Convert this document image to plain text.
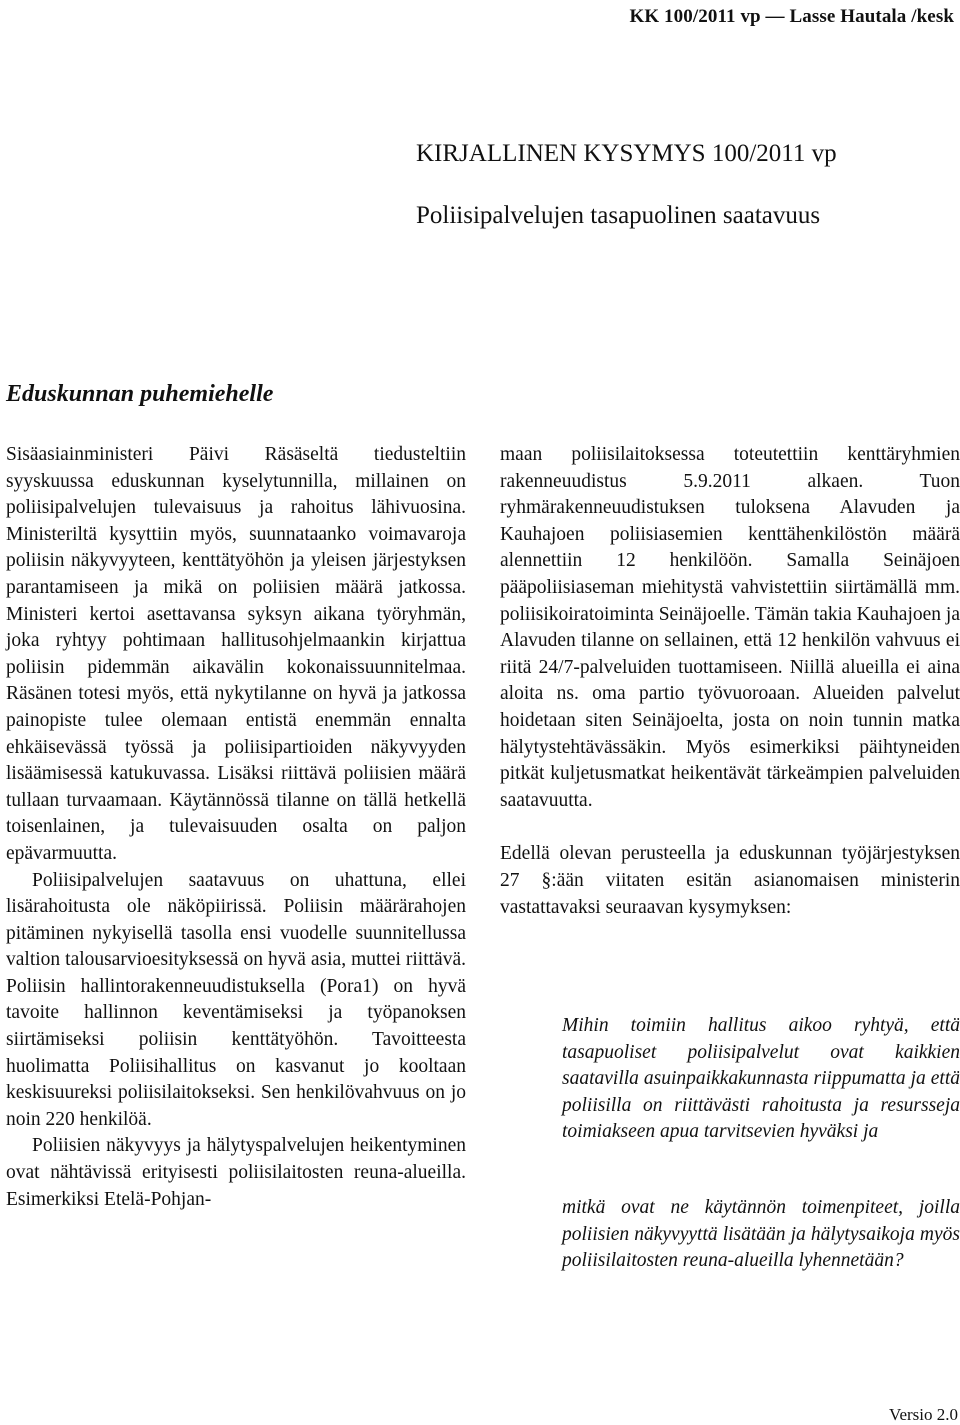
KK 100/2011 vp — Lasse Hautala /kesk
KIRJALLINEN KYSYMYS 100/2011 vp
Poliisipalvelujen tasapuolinen saatavuus
Eduskunnan puhemiehelle

Sisäasiainministeri Päivi Räsäseltä tiedusteltiin syyskuussa eduskunnan kyselytunnilla, millainen on poliisipalvelujen tulevaisuus ja rahoitus lähivuosina. Ministeriltä kysyttiin myös, suunnataanko voimavaroja poliisin näkyvyyteen, kenttätyöhön ja yleisen järjestyksen parantamiseen ja mikä on poliisien määrä jatkossa. Ministeri kertoi asettavansa syksyn aikana työryhmän, joka ryhtyy pohtimaan hallitusohjelmaankin kirjattua poliisin pidemmän aikavälin kokonaissuunnitelmaa. Räsänen totesi myös, että nykytilanne on hyvä ja jatkossa painopiste tulee olemaan entistä enemmän ennalta ehkäisevässä työssä ja poliisipartioiden näkyvyyden lisäämisessä katukuvassa. Lisäksi riittävä poliisien määrä tullaan turvaamaan. Käytännössä tilanne on tällä hetkellä toisenlainen, ja tulevaisuuden osalta on paljon epävarmuutta.

Poliisipalvelujen saatavuus on uhattuna, ellei lisärahoitusta ole näköpiirissä. Poliisin määrärahojen pitäminen nykyisellä tasolla ensi vuodelle suunnitellussa valtion talousarvioesityksessä on hyvä asia, muttei riittävä. Poliisin hallintorakenneuudistuksella (Pora1) on hyvä tavoite hallinnon keventämiseksi ja työpanoksen siirtämiseksi poliisin kenttätyöhön. Tavoitteesta huolimatta Poliisihallitus on kasvanut jo kooltaan keskisuureksi poliisilaitokseksi. Sen henkilövahvuus on jo noin 220 henkilöä.

Poliisien näkyvyys ja hälytyspalvelujen heikentyminen ovat nähtävissä erityisesti poliisilaitosten reuna-alueilla. Esimerkiksi Etelä-Pohjan-

maan poliisilaitoksessa toteutettiin kenttäryhmien rakenneuudistus 5.9.2011 alkaen. Tuon ryhmärakenneuudistuksen tuloksena Alavuden ja Kauhajoen poliisiasemien kenttähenkilöstön määrä alennettiin 12 henkilöön. Samalla Seinäjoen pääpoliisiaseman miehitystä vahvistettiin siirtämällä mm. poliisikoiratoiminta Seinäjoelle. Tämän takia Kauhajoen ja Alavuden tilanne on sellainen, että 12 henkilön vahvuus ei riitä 24/7-palveluiden tuottamiseen. Niillä alueilla ei aina aloita ns. oma partio työvuoroaan. Alueiden palvelut hoidetaan siten Seinäjoelta, josta on noin tunnin matka hälytystehtävässäkin. Myös esimerkiksi päihtyneiden pitkät kuljetusmatkat heikentävät tärkeämpien palveluiden saatavuutta.

Edellä olevan perusteella ja eduskunnan työjärjestyksen 27 §:ään viitaten esitän asianomaisen ministerin vastattavaksi seuraavan kysymyksen:

Mihin toimiin hallitus aikoo ryhtyä, että tasapuoliset poliisipalvelut ovat kaikkien saatavilla asuinpaikkakunnasta riippumatta ja että poliisilla on riittävästi rahoitusta ja resursseja toimiakseen apua tarvitsevien hyväksi ja

mitkä ovat ne käytännön toimenpiteet, joilla poliisien näkyvyyttä lisätään ja hälytysaikoja myös poliisilaitosten reuna-alueilla lyhennetään?

Versio 2.0
